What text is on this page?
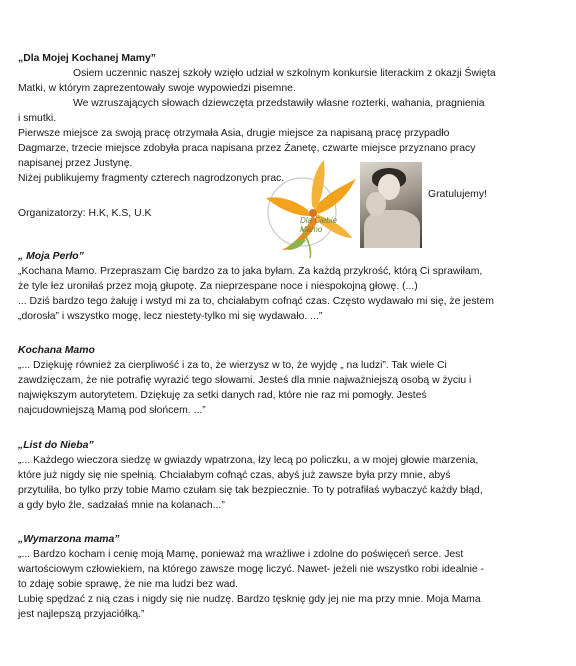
„Dla Mojej Kochanej Mamy”

Osiem uczennic naszej szkoły wzięło udział w szkolnym konkursie literackim z okazji Święta

Matki, w którym zaprezentowały swoje wypowiedzi pisemne.

We wzruszających słowach dziewczęta przedstawiły własne rozterki, wahania, pragnienia

i smutki.

Pierwsze miejsce za swoją pracę otrzymała Asia, drugie miejsce za napisaną pracę przypadło

Dagmarze, trzecie miejsce zdobyła praca napisana przez Żanetę, czwarte miejsce przyznano pracy

napisanej przez Justynę.

Niżej publikujemy fragmenty czterech nagrodzonych prac.

Gratulujemy!

Organizatorzy: H.K, K.S, U.K

Dla Ciebie Mamo

„ Moja Perło”

„Kochana Mamo. Przepraszam Cię bardzo za to jaka byłam. Za każdą przykrość, którą Ci sprawiłam,

że tyle łez uroniłaś przez moją głupotę. Za nieprzespane noce i niespokojną głowę. (...)

... Dziś bardzo tego żałuję i wstyd mi za to, chciałabym cofnąć czas. Często wydawało mi się, że jestem

„dorosła” i wszystko mogę, lecz niestety-tylko mi się wydawało. ...”

Kochana Mamo

„... Dziękuję również za cierpliwość i za to, że wierzysz w to, że wyjdę „ na ludzi”. Tak wiele Ci

zawdzięczam, że nie potrafię wyrazić tego słowami. Jesteś dla mnie najważniejszą osobą w życiu i

największym autorytetem. Dziękuję za setki danych rad, które nie raz mi pomogły. Jesteś

najcudowniejszą Mamą pod słońcem. ...”

„List do Nieba”

„... Każdego wieczora siedzę w gwiazdy wpatrzona, łzy lecą po policzku, a w mojej głowie marzenia,

które już nigdy się nie spełnią. Chciałabym cofnąć czas, abyś już zawsze była przy mnie, abyś

przytuliła, bo tylko przy tobie Mamo czułam się tak bezpiecznie. To ty potrafiłaś wybaczyć każdy błąd,

a gdy było źle, sadzałaś mnie na kolanach...”

„Wymarzona mama”

„... Bardzo kocham i cenię moją Mamę, ponieważ ma wrażliwe i zdolne do poświęceń serce. Jest

wartościowym człowiekiem, na którego zawsze mogę liczyć. Nawet- jeżeli nie wszystko robi idealnie -

to zdaję sobie sprawę, że nie ma ludzi bez wad.

Lubię spędzać z nią czas i nigdy się nie nudzę. Bardzo tęsknię gdy jej nie ma przy mnie. Moja Mama

jest najlepszą przyjaciółką.”
